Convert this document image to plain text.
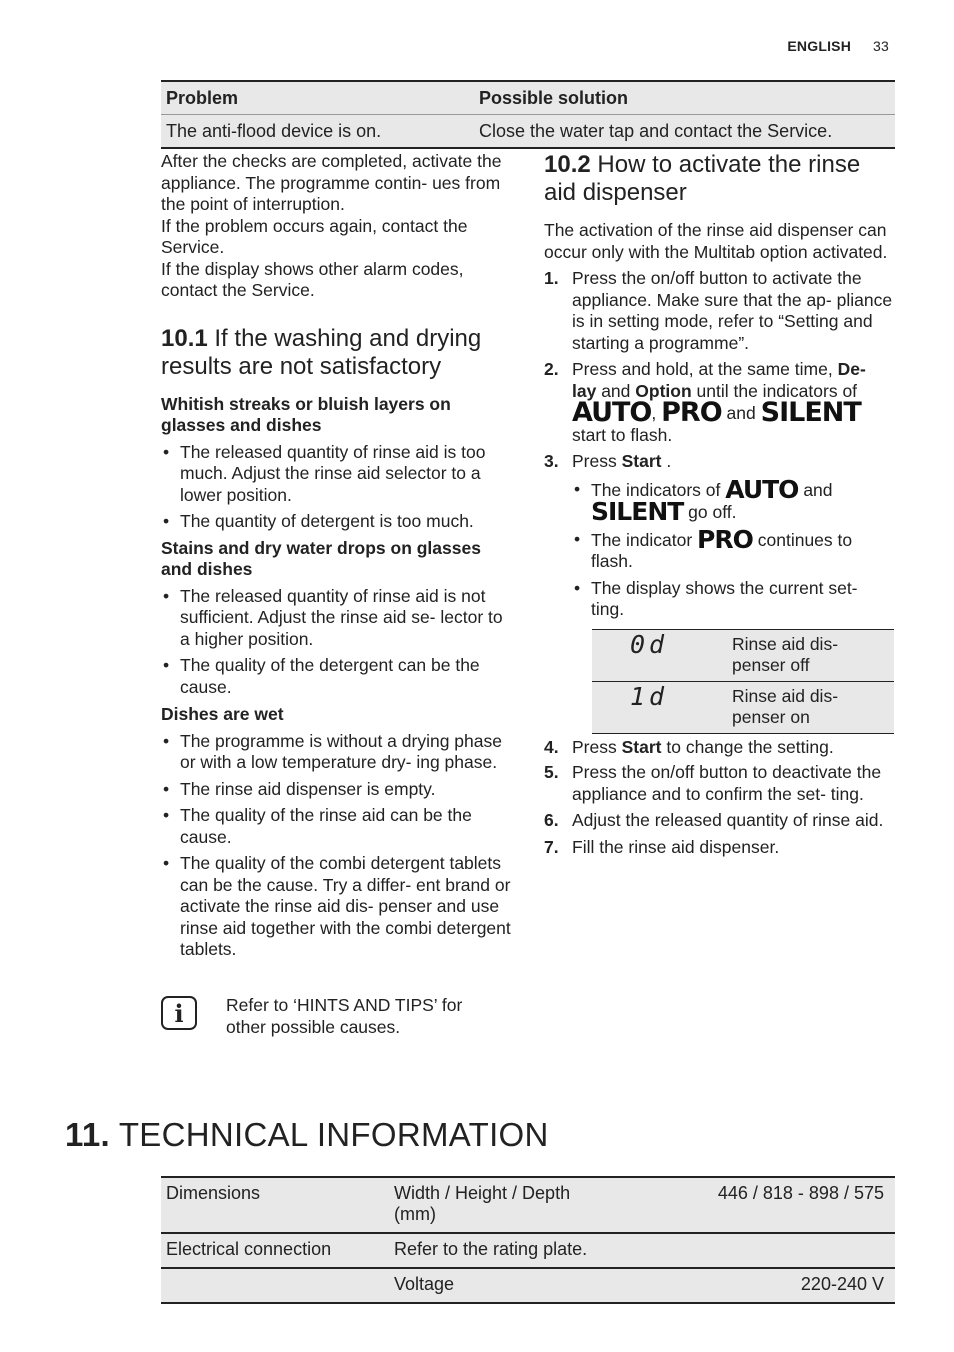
ENGLISH 33
Problem	Possible solution
The anti-flood device is on.	Close the water tap and contact the Service.

After the checks are completed, activate the appliance. The programme contin- ues from the point of interruption.

If the problem occurs again, contact the Service.

If the display shows other alarm codes, contact the Service.

10.1 If the washing and drying results are not satisfactory

Whitish streaks or bluish layers on glasses and dishes

• The released quantity of rinse aid is too much. Adjust the rinse aid selector to a lower position.
• The quantity of detergent is too much.

Stains and dry water drops on glasses and dishes

• The released quantity of rinse aid is not sufficient. Adjust the rinse aid se- lector to a higher position.
• The quality of the detergent can be the cause.

Dishes are wet

• The programme is without a drying phase or with a low temperature dry- ing phase.
• The rinse aid dispenser is empty.
• The quality of the rinse aid can be the cause.
• The quality of the combi detergent tablets can be the cause. Try a differ- ent brand or activate the rinse aid dis- penser and use rinse aid together with the combi detergent tablets.
i	Refer to ‘HINTS AND TIPS’ for other possible causes.
10.2 How to activate the rinse aid dispenser

The activation of the rinse aid dispenser can occur only with the Multitab option activated.

1. Press the on/off button to activate the appliance. Make sure that the ap- pliance is in setting mode, refer to “Setting and starting a programme”.
2. Press and hold, at the same time, De- lay and Option until the indicators of
AUTO, PRO and SILENT
start to flash.
3. Press Start .
• The indicators of AUTO and SILENT go off.
• The indicator PRO continues to flash.
• The display shows the current set- ting.
0d	Rinse aid dis- penser off
1d	Rinse aid dis- penser on
4. Press Start to change the setting.
5. Press the on/off button to deactivate the appliance and to confirm the set- ting.
6. Adjust the released quantity of rinse aid.
7. Fill the rinse aid dispenser.
11. TECHNICAL INFORMATION
Dimensions	Width / Height / Depth (mm)	446 / 818 - 898 / 575
Electrical connection	Refer to the rating plate.	
	Voltage	220-240 V
